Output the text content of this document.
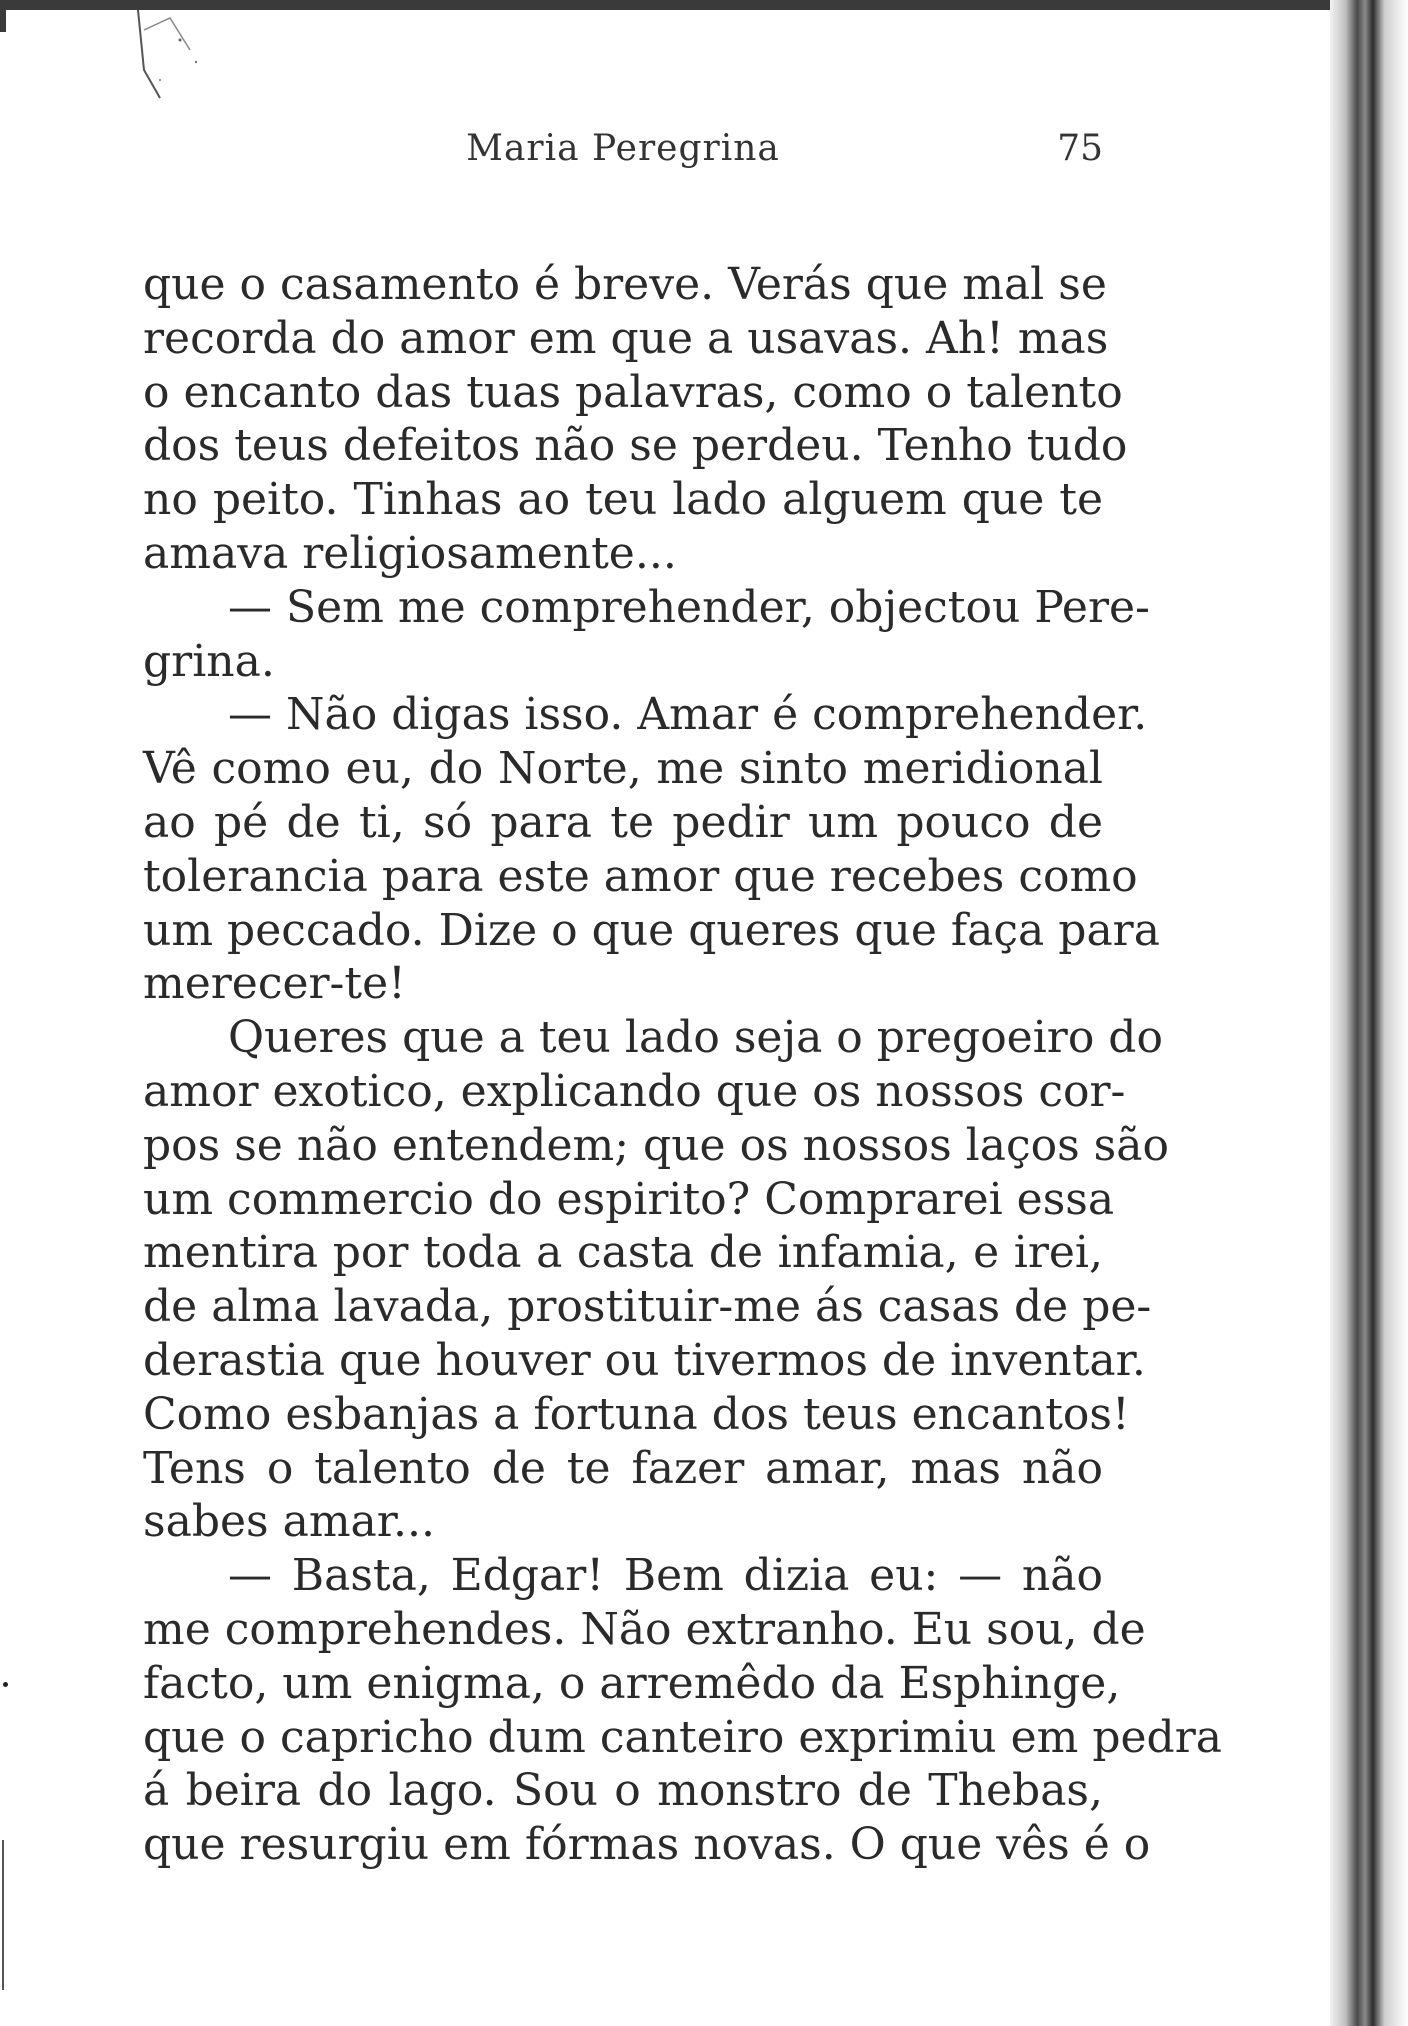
Maria Peregrina	75
que o casamento é breve. Verás que mal se
recorda do amor em que a usavas. Ah! mas
o encanto das tuas palavras, como o talento
dos teus defeitos não se perdeu. Tenho tudo
no peito. Tinhas ao teu lado alguem que te
amava religiosamente...
— Sem me comprehender, objectou Pere-
grina.
— Não digas isso. Amar é comprehender.
Vê como eu, do Norte, me sinto meridional
ao pé de ti, só para te pedir um pouco de
tolerancia para este amor que recebes como
um peccado. Dize o que queres que faça para
merecer-te!
Queres que a teu lado seja o pregoeiro do
amor exotico, explicando que os nossos cor-
pos se não entendem; que os nossos laços são
um commercio do espirito? Comprarei essa
mentira por toda a casta de infamia, e irei,
de alma lavada, prostituir-me ás casas de pe-
derastia que houver ou tivermos de inventar.
Como esbanjas a fortuna dos teus encantos!
Tens o talento de te fazer amar, mas não
sabes amar...
— Basta, Edgar! Bem dizia eu: — não
me comprehendes. Não extranho. Eu sou, de
facto, um enigma, o arremêdo da Esphinge,
que o capricho dum canteiro exprimiu em pedra
á beira do lago. Sou o monstro de Thebas,
que resurgiu em fórmas novas. O que vês é o
